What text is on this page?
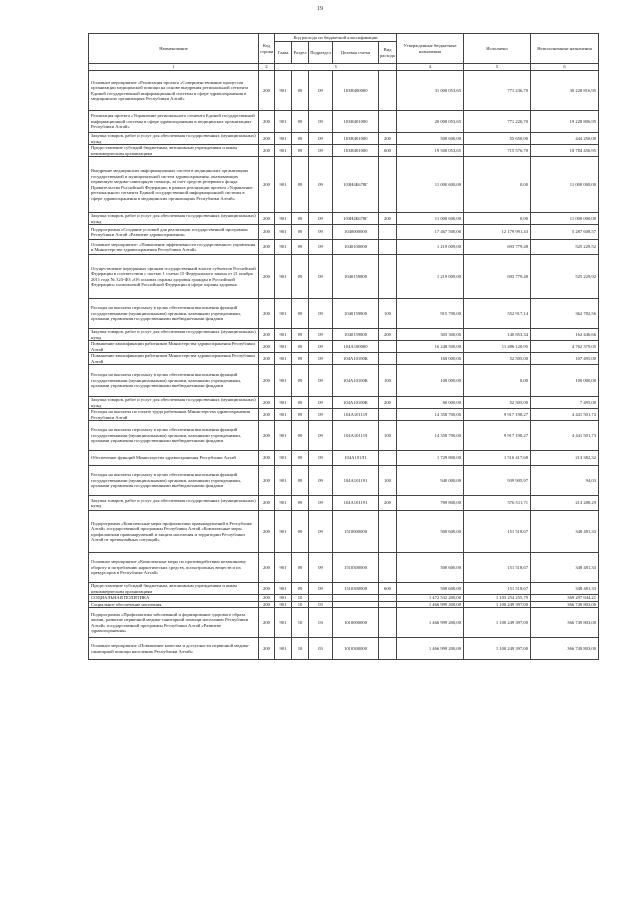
19
Наименование	Код строки	Код расхода по бюджетной классификации					Утвержденные бюджетные назначения	Исполнено	Неисполненные назначения
		Глава	Раздел	Подраздел	Целевая статья	Вид расхода			
1	2	3					4	5	6
Основное мероприятие «Реализация проекта «Совершенствование процессов организации медицинской помощи на основе внедрения региональной сегмента Единой государственной информационной системы в сфере здравоохранения в медицинских организациях Республики Алтай»	200	901	09	09	103Н400000		31 000 053,65	771 236,70	30 228 816,95
Реализация проекта «Управление регионального сегмента Единой государственной информационной системы в сфере здравоохранения в медицинских организациях Республики Алтай»	200	901	09	09	103Н401000		20 000 053,65	771 226,70	19 228 806,95
Закупка товаров, работ и услуг для обеспечения государственных (муниципальных) нужд	200	901	09	09	103Н401000	200	500 600,00	55 650,00	444 250,00
Предоставление субсидий бюджетным, автономным учреждениям и иным некоммерческим организациям	200	901	09	09	103Н401000	600	19 500 053,65	715 576,70	18 784 456,95
Внедрение медицинских информационных систем в медицинских организациях государственной и муниципальной систем здравоохранения, оказывающих первичную медико-санитарную помощь, за счет средств резервного фонда Правительства Российской Федерации, в рамках реализации проекта «Управление регионального сегмента Единой государственной информационной системы в сфере здравоохранения в медицинских организациях Республики Алтай»	200	901	09	09	103Н4Б678Г		11 000 600,00	0,00	11 000 000,00
Закупка товаров, работ и услуг для обеспечения государственных (муниципальных) нужд	200	901	09	09	103Н4Б678Г	200	11 000 600,00	0,00	11 000 000,00
Подпрограмма «Создание условий для реализации государственной программы Республики Алтай «Развитие здравоохранения»	200	901	09	09	1040000000		17 467 500,00	12 179 991,43	5 287 608,57
Основное мероприятие: «Повышение эффективности государственного управления в Министерстве здравоохранения Республики Алтай»	200	901	09	09	1040100000		1 219 009,00	693 779,48	525 229,52
Осуществление переданных органам государственной власти субъектов Российской Федерации в соответствии с частью 1 статьи 15 Федерального закона от 21 ноября 2011 года № 323-ФЗ «Об основах охраны здоровья граждан в Российской Федерации» полномочий Российской Федерации в сфере охраны здоровья	200	901	09	09	1040159800		1 219 009,00	693 779,48	525 229,92
Расходы на выплаты персоналу в целях обеспечения выполнения функций государственными (муниципальными) органами, казенными учреждениями, органами управления государственными внебюджетными фондами	200	901	09	09	1040159800	100	915 700,00	552 917,14	362 782,56
Закупка товаров, работ и услуг для обеспечения государственных (муниципальных) нужд	200	901	09	09	1040159800	200	303 300,00	140 853,34	162 446,66
Повышение квалификации работников Министерства здравоохранения Республики Алтай	200	901	09	09	104А100000		16 248 500,00	11 486 120,95	4 762 379,05
Повышение квалификации работников Министерства здравоохранения Республики Алтай	200	901	09	09	104А10100К		160 000,00	52 505,00	107 495,00
Расходы на выплаты персоналу в целях обеспечения выполнения функций государственными (муниципальными) органами, казенными учреждениями, органами управления государственными внебюджетными фондами	200	901	09	09	104А10100К	100	100 000,00	0,00	100 000,00
Закупка товаров, работ и услуг для обеспечения государственных (муниципальных) нужд	200	901	09	09	104А10100К	200	60 000,00	52 505,00	7 495,00
Расходы на выплаты по оплате труда работников Министерства здравоохранения Республики Алтай	200	901	09	09	104А101119		14 358 700,00	9 917 198,27	4 441 501,73
Расходы на выплаты персоналу в целях обеспечения выполнения функций государственными (муниципальными) органами, казенными учреждениями, органами управления государственными внебюджетными фондами	200	901	09	09	104А101119	100	14 358 700,00	9 917 198,27	4 441 501,73
Обеспечение функций Министерства здравоохранения Республики Алтай	200	901	09	09	104А101Л1		1 729 800,00	1 516 417,68	213 382,32
Расходы на выплаты персоналу в целях обеспечения выполнения функций государственными (муниципальными) органами, казенными учреждениями, органами управления государственными внебюджетными фондами	200	901	09	09	104А101191	100	940 000,00	939 905,97	94,03
Закупка товаров, работ и услуг для обеспечения государственных (муниципальных) нужд	200	901	09	09	104А101191	200	789 800,00	576 511,71	213 288,29
Подпрограмма «Комплексные меры профилактики правонарушений в Республике Алтай» государственной программы Республики Алтай «Комплексные меры профилактики правонарушений и защита населения и территории Республики Алтай от чрезвычайных ситуаций»	200	901	09	09	1510000000		500 600,00	151 518,67	348 481,33
Основное мероприятие «Комплексные меры по противодействию незаконному обороту и потреблению наркотических средств, психотропных веществ и их прекурсоров в Республике Алтай»	200	901	09	09	1510300000		500 600,00	151 518,67	348 481,33
Предоставление субсидий бюджетным, автономным учреждениям и иным некоммерческим организациям	200	901	09	09	1510300000	600	500 600,00	151 518,67	348 481,33
СОЦИАЛЬНАЯ ПОЛИТИКА	200	901	10				1 472 532 200,00	1 103 254 255,79	369 297 944,21
Социальное обеспечение населения	200	901	10	03			1 466 999 200,00	1 100 249 397,00	366 749 803,00
Подпрограмма «Профилактика заболеваний и формирование здорового образа жизни, развитие первичной медико-санитарной помощи населению Республики Алтай» государственной программы Республики Алтай «Развитие здравоохранения»	200	901	10	03	1010000000		1 466 999 200,00	1 100 249 397,00	366 749 803,00
Основное мероприятие «Повышение качества и доступности первичной медико-санитарной помощи населению Республики Алтай»	200	901	10	03	1010300000		1 466 999 200,00	1 100 249 397,00	366 749 803,00
